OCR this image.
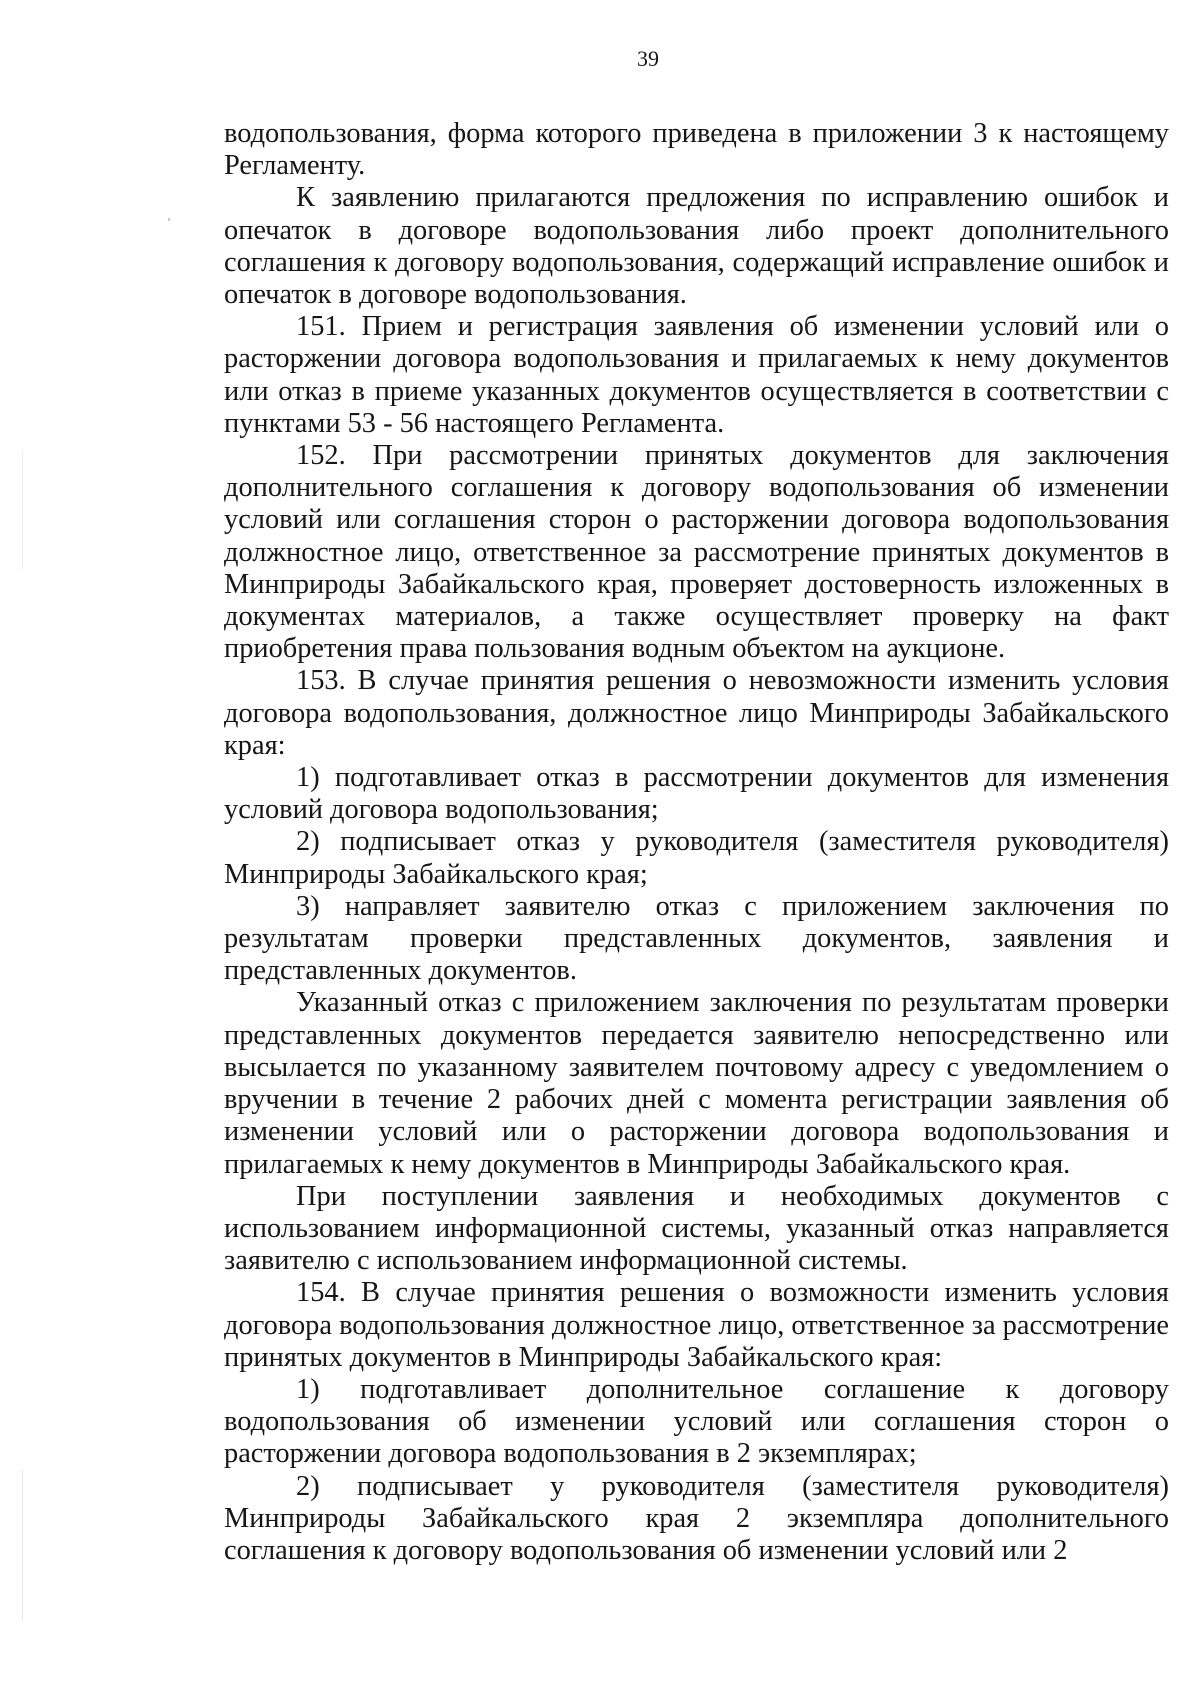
39

водопользования, форма которого приведена в приложении 3 к настоящему Регламенту.

К заявлению прилагаются предложения по исправлению ошибок и опечаток в договоре водопользования либо проект дополнительного соглашения к договору водопользования, содержащий исправление ошибок и опечаток в договоре водопользования.

151. Прием и регистрация заявления об изменении условий или о расторжении договора водопользования и прилагаемых к нему документов или отказ в приеме указанных документов осуществляется в соответствии с пунктами 53 - 56 настоящего Регламента.

152. При рассмотрении принятых документов для заключения дополнительного соглашения к договору водопользования об изменении условий или соглашения сторон о расторжении договора водопользования должностное лицо, ответственное за рассмотрение принятых документов в Минприроды Забайкальского края, проверяет достоверность изложенных в документах материалов, а также осуществляет проверку на факт приобретения права пользования водным объектом на аукционе.

153. В случае принятия решения о невозможности изменить условия договора водопользования, должностное лицо Минприроды Забайкальского края:

1) подготавливает отказ в рассмотрении документов для изменения условий договора водопользования;

2) подписывает отказ у руководителя (заместителя руководителя) Минприроды Забайкальского края;

3) направляет заявителю отказ с приложением заключения по результатам проверки представленных документов, заявления и представленных документов.

Указанный отказ с приложением заключения по результатам проверки представленных документов передается заявителю непосредственно или высылается по указанному заявителем почтовому адресу с уведомлением о вручении в течение 2 рабочих дней с момента регистрации заявления об изменении условий или о расторжении договора водопользования и прилагаемых к нему документов в Минприроды Забайкальского края.

При поступлении заявления и необходимых документов с использованием информационной системы, указанный отказ направляется заявителю с использованием информационной системы.

154. В случае принятия решения о возможности изменить условия договора водопользования должностное лицо, ответственное за рассмотрение принятых документов в Минприроды Забайкальского края:

1) подготавливает дополнительное соглашение к договору водопользования об изменении условий или соглашения сторон о расторжении договора водопользования в 2 экземплярах;

2) подписывает у руководителя (заместителя руководителя) Минприроды Забайкальского края 2 экземпляра дополнительного соглашения к договору водопользования об изменении условий или 2
